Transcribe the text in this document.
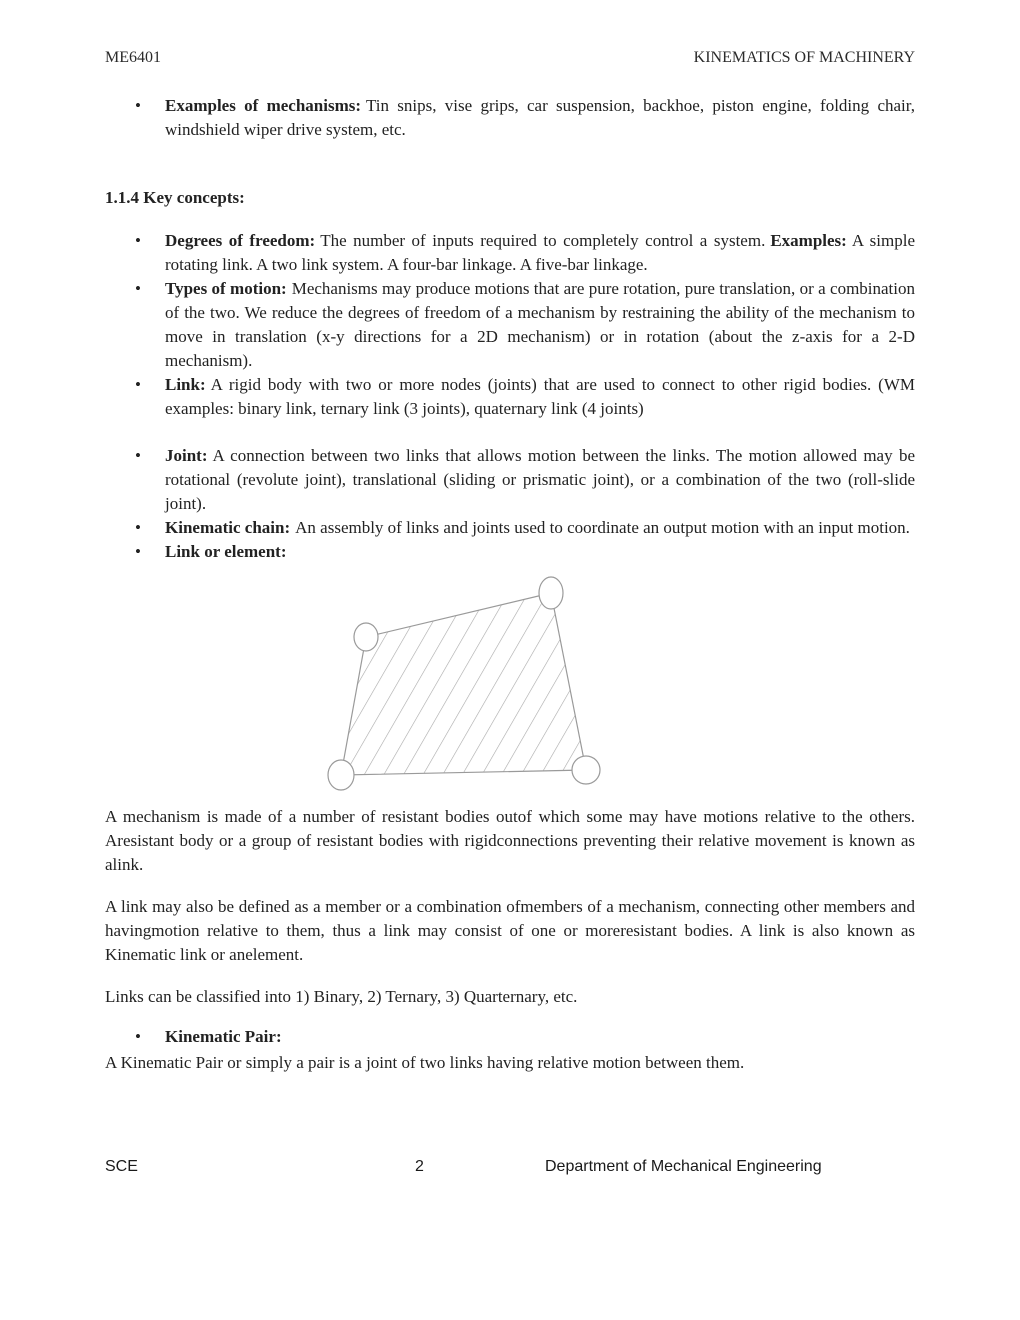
ME6401	KINEMATICS OF MACHINERY
• Examples of mechanisms: Tin snips, vise grips, car suspension, backhoe, piston engine, folding chair, windshield wiper drive system, etc.
1.1.4 Key concepts:
• Degrees of freedom: The number of inputs required to completely control a system. Examples: A simple rotating link. A two link system. A four-bar linkage. A five-bar linkage.
• Types of motion: Mechanisms may produce motions that are pure rotation, pure translation, or a combination of the two. We reduce the degrees of freedom of a mechanism by restraining the ability of the mechanism to move in translation (x-y directions for a 2D mechanism) or in rotation (about the z-axis for a 2-D mechanism).
• Link: A rigid body with two or more nodes (joints) that are used to connect to other rigid bodies. (WM examples: binary link, ternary link (3 joints), quaternary link (4 joints)
• Joint: A connection between two links that allows motion between the links. The motion allowed may be rotational (revolute joint), translational (sliding or prismatic joint), or a combination of the two (roll-slide joint).
• Kinematic chain: An assembly of links and joints used to coordinate an output motion with an input motion.
• Link or element:

A mechanism is made of a number of resistant bodies outof which some may have motions relative to the others. Aresistant body or a group of resistant bodies with rigidconnections preventing their relative movement is known as alink.

A link may also be defined as a member or a combination ofmembers of a mechanism, connecting other members and havingmotion relative to them, thus a link may consist of one or moreresistant bodies. A link is also known as Kinematic link or anelement.

Links can be classified into 1) Binary, 2) Ternary, 3) Quarternary, etc.

• Kinematic Pair:

A Kinematic Pair or simply a pair is a joint of two links having relative motion between them.

SCE	2	Department of Mechanical Engineering
